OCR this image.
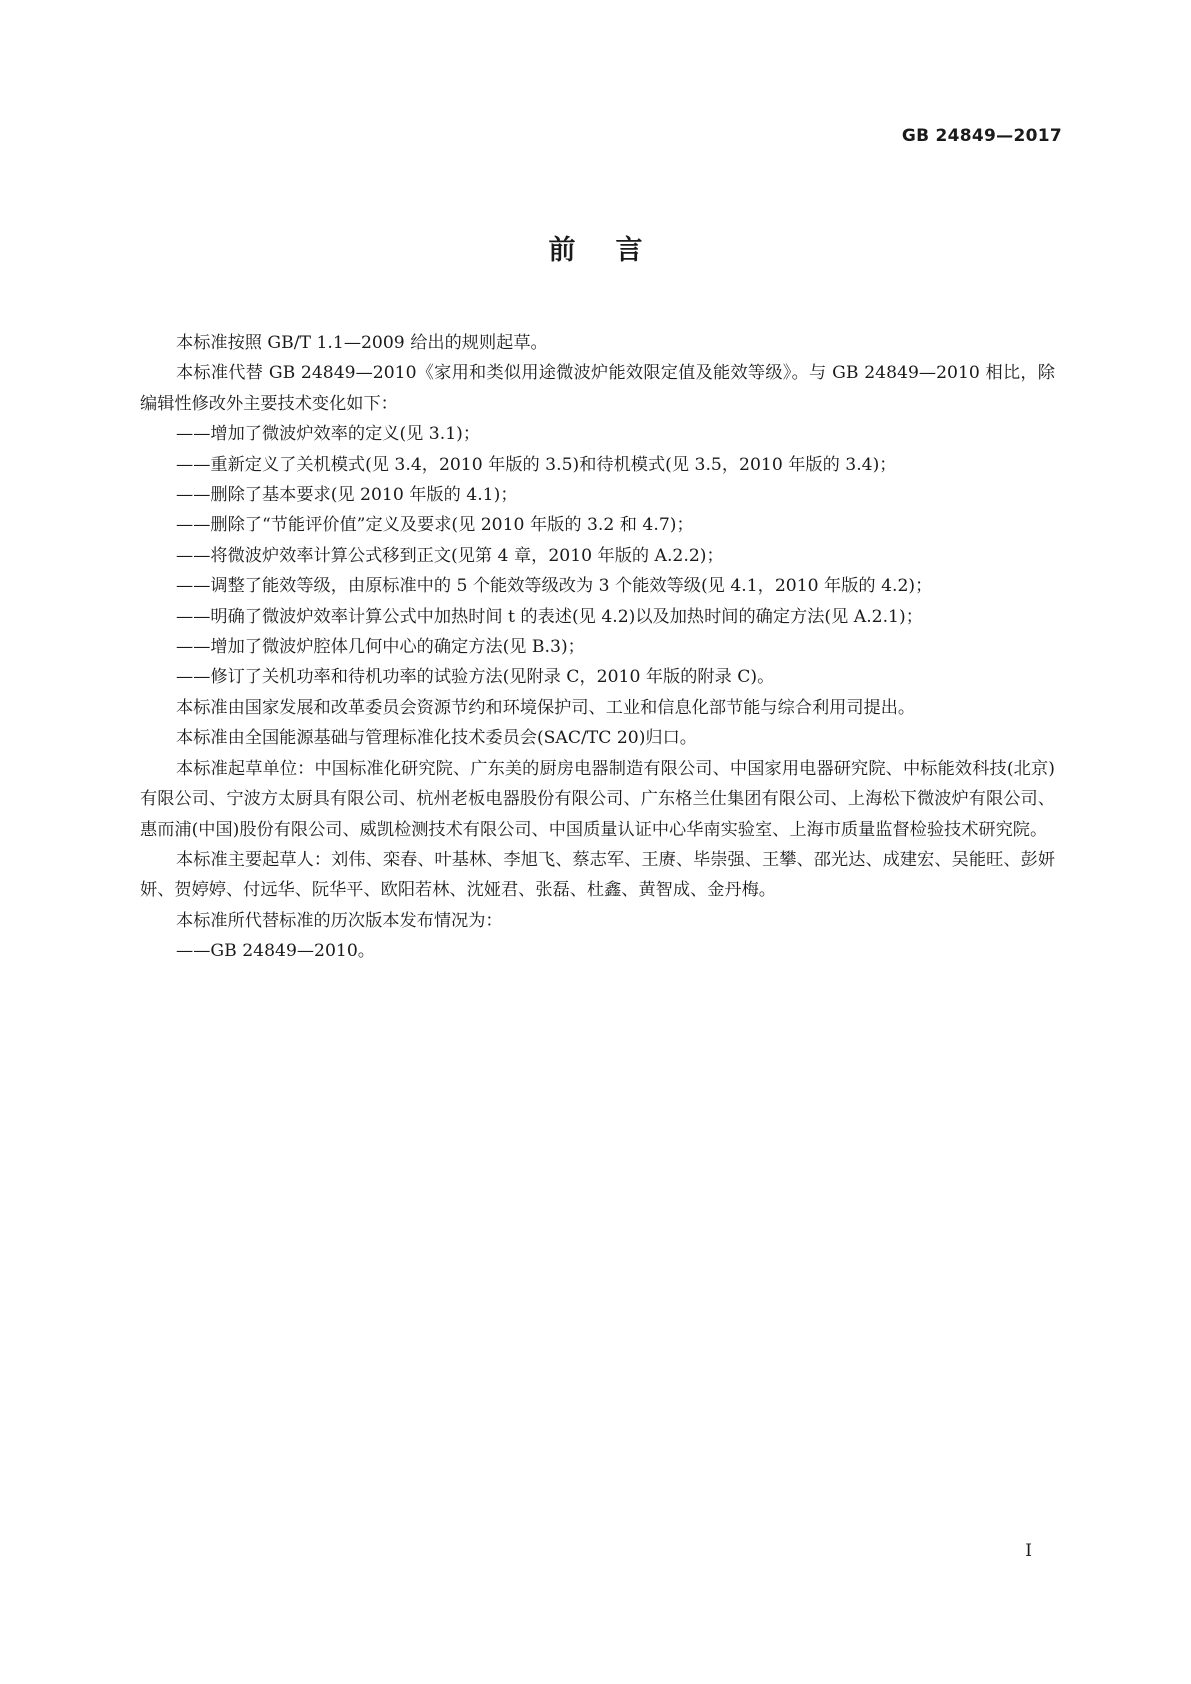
GB 24849—2017
前言

本标准按照 GB/T 1.1—2009 给出的规则起草。

本标准代替 GB 24849—2010《家用和类似用途微波炉能效限定值及能效等级》。与 GB 24849—2010 相比，除编辑性修改外主要技术变化如下：

——增加了微波炉效率的定义(见 3.1)；

——重新定义了关机模式(见 3.4，2010 年版的 3.5)和待机模式(见 3.5，2010 年版的 3.4)；

——删除了基本要求(见 2010 年版的 4.1)；

——删除了“节能评价值”定义及要求(见 2010 年版的 3.2 和 4.7)；

——将微波炉效率计算公式移到正文(见第 4 章，2010 年版的 A.2.2)；

——调整了能效等级，由原标准中的 5 个能效等级改为 3 个能效等级(见 4.1，2010 年版的 4.2)；

——明确了微波炉效率计算公式中加热时间 t 的表述(见 4.2)以及加热时间的确定方法(见 A.2.1)；

——增加了微波炉腔体几何中心的确定方法(见 B.3)；

——修订了关机功率和待机功率的试验方法(见附录 C，2010 年版的附录 C)。

本标准由国家发展和改革委员会资源节约和环境保护司、工业和信息化部节能与综合利用司提出。

本标准由全国能源基础与管理标准化技术委员会(SAC/TC 20)归口。

本标准起草单位：中国标准化研究院、广东美的厨房电器制造有限公司、中国家用电器研究院、中标能效科技(北京)有限公司、宁波方太厨具有限公司、杭州老板电器股份有限公司、广东格兰仕集团有限公司、上海松下微波炉有限公司、惠而浦(中国)股份有限公司、威凯检测技术有限公司、中国质量认证中心华南实验室、上海市质量监督检验技术研究院。

本标准主要起草人：刘伟、栾春、叶基林、李旭飞、蔡志军、王赓、毕崇强、王攀、邵光达、成建宏、吴能旺、彭妍妍、贺婷婷、付远华、阮华平、欧阳若林、沈娅君、张磊、杜鑫、黄智成、金丹梅。

本标准所代替标准的历次版本发布情况为：

——GB 24849—2010。

I
